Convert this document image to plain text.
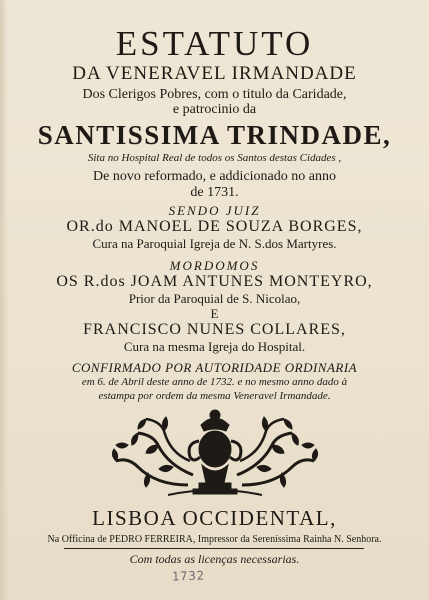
ESTATUTO
DA VENERAVEL IRMANDADE
Dos Clerigos Pobres, com o titulo da Caridade,
e patrocinio da
SANTISSIMA TRINDADE,
Sita no Hospital Real de todos os Santos destas Cidades ,
De novo reformado, e addicionado no anno
de 1731.
SENDO JUIZ
OR.do MANOEL DE SOUZA BORGES,
Cura na Paroquial Igreja de N. S.dos Martyres.
MORDOMOS
OS R.dos JOAM ANTUNES MONTEYRO,
Prior da Paroquial de S. Nicolao,
E
FRANCISCO NUNES COLLARES,
Cura na mesma Igreja do Hospital.
CONFIRMADO POR AUTORIDADE ORDINARIA
em 6. de Abril deste anno de 1732. e no mesmo anno dado à
estampa por ordem da mesma Veneravel Irmandade.
LISBOA OCCIDENTAL,
Na Officina de PEDRO FERREIRA, Impressor da Sereníssima Rainha N. Senhora.
Com todas as licenças necessarias.
1732
